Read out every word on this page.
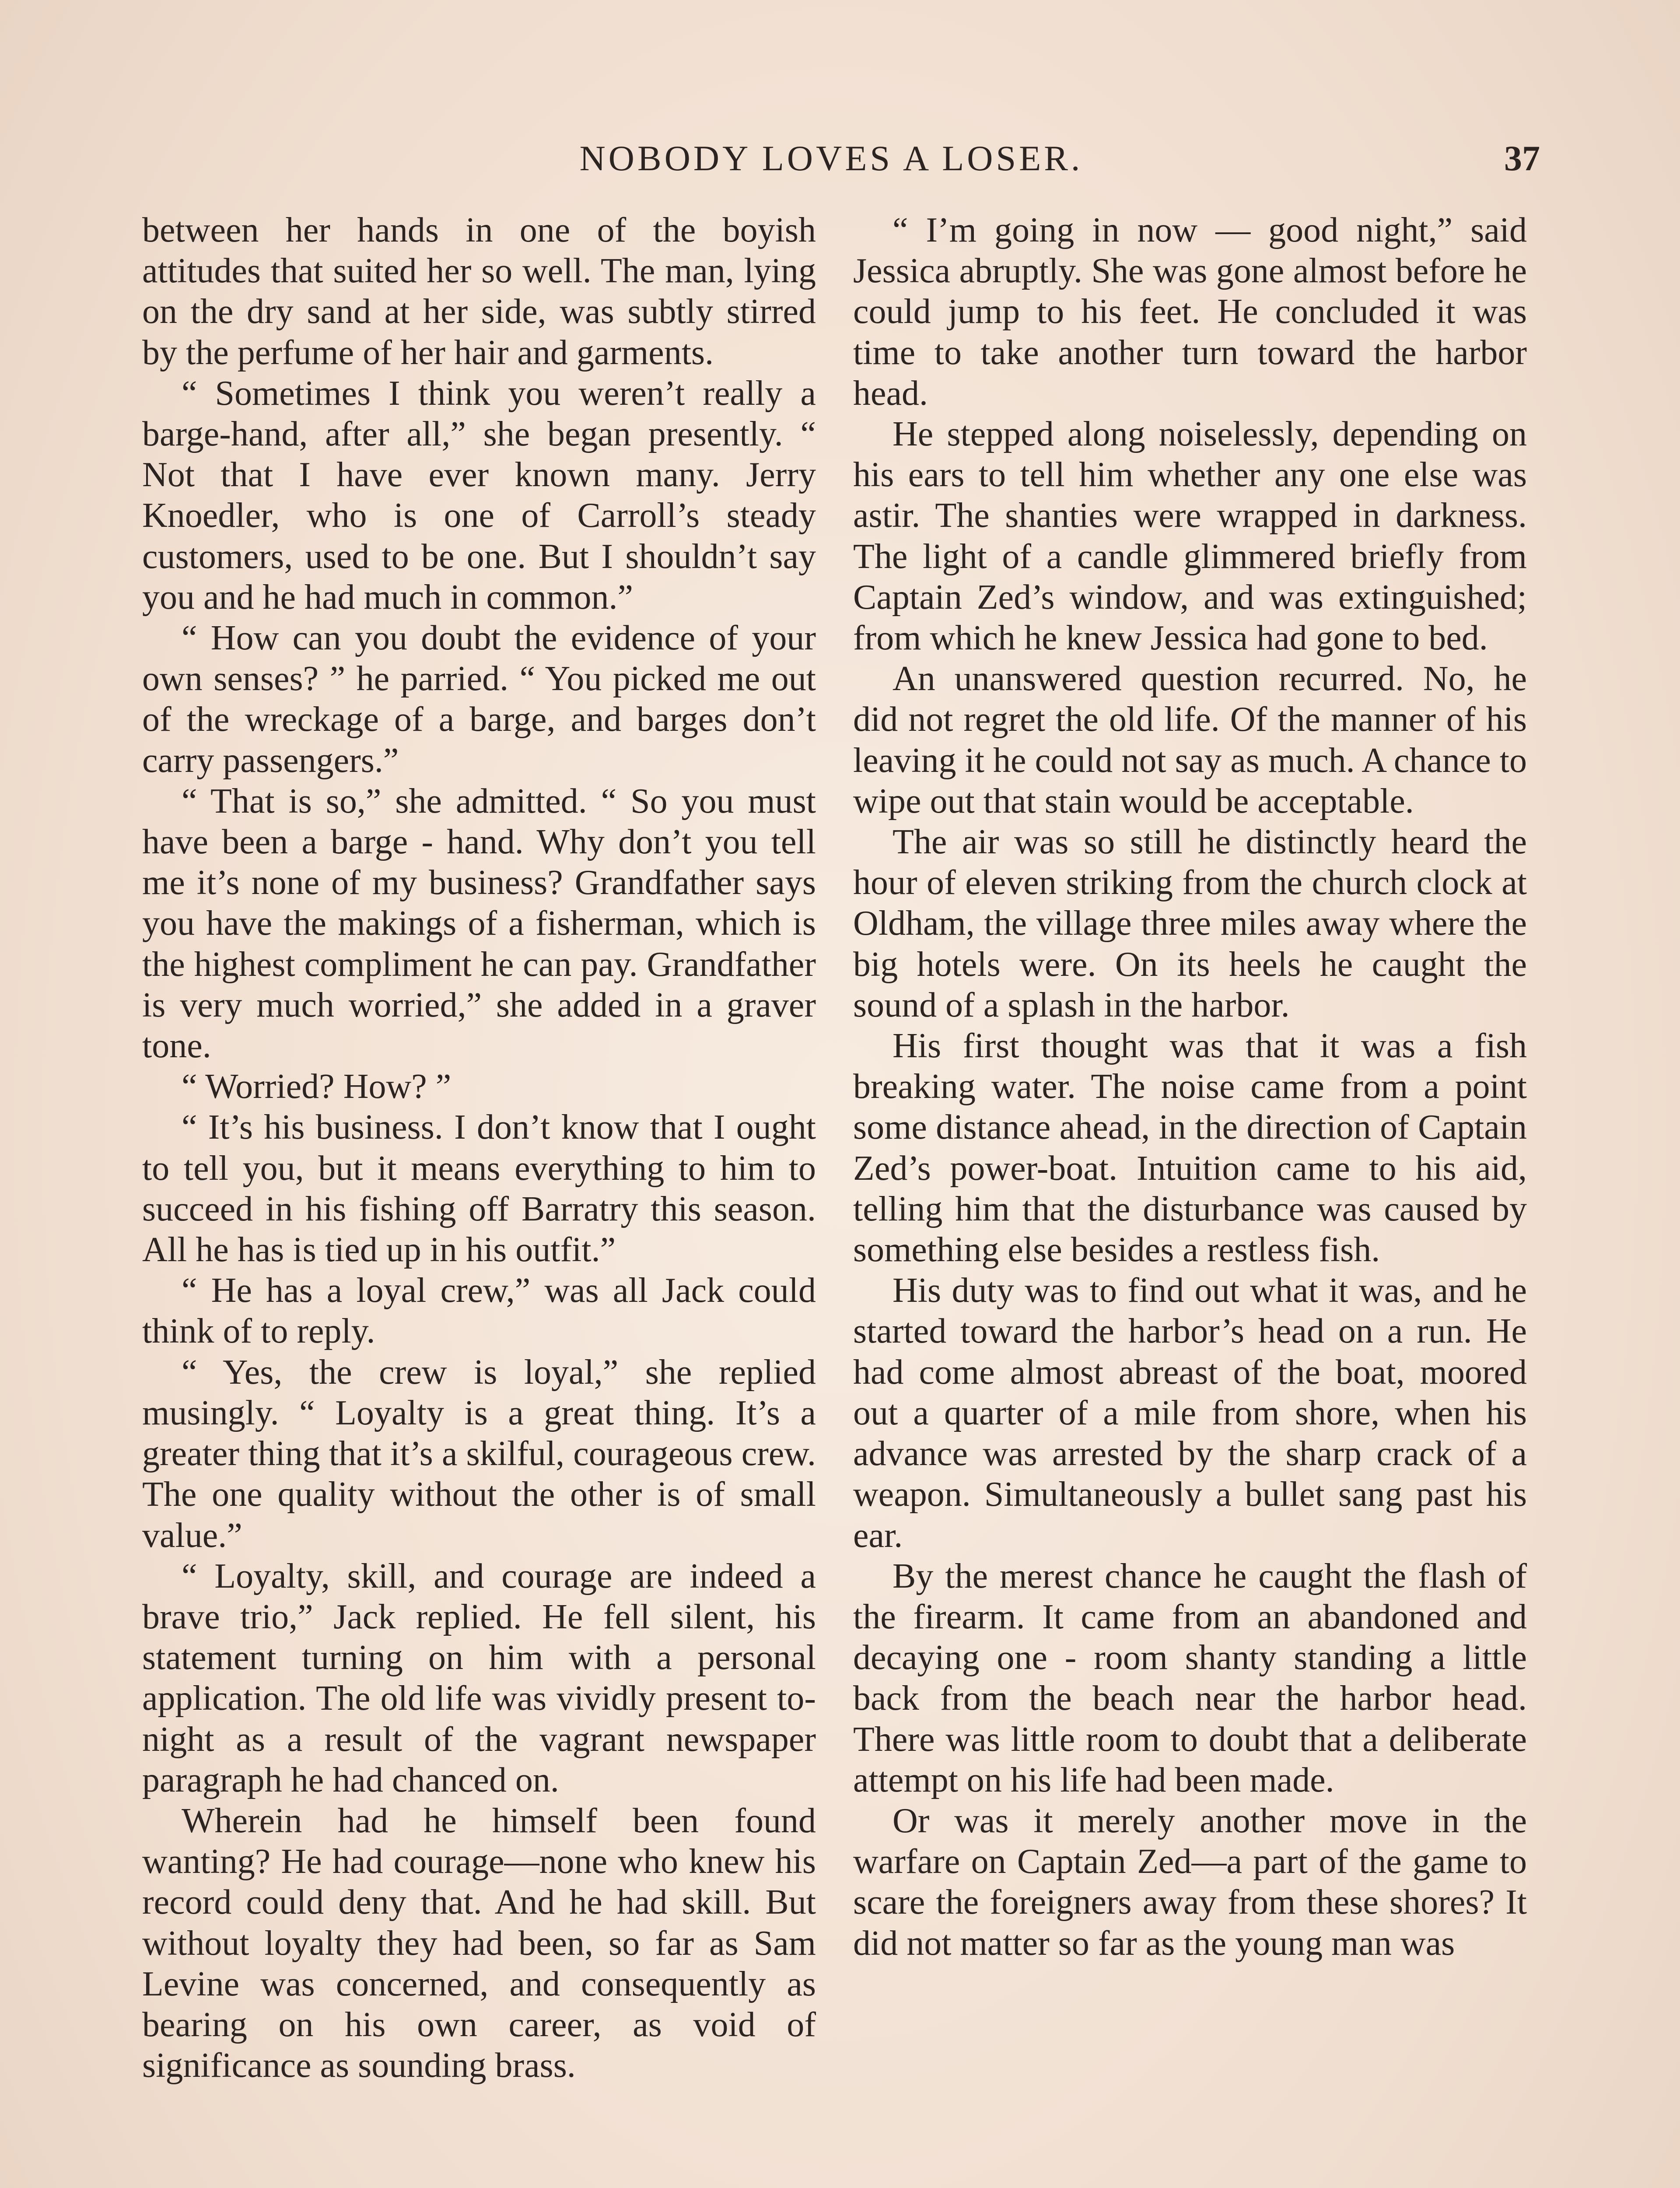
NOBODY LOVES A LOSER.	37

between her hands in one of the boyish attitudes that suited her so well. The man, lying on the dry sand at her side, was subtly stirred by the perfume of her hair and garments.

“ Sometimes I think you weren’t really a barge-hand, after all,” she began presently. “ Not that I have ever known many. Jerry Knoedler, who is one of Carroll’s steady customers, used to be one. But I shouldn’t say you and he had much in common.”

“ How can you doubt the evidence of your own senses? ” he parried. “ You picked me out of the wreckage of a barge, and barges don’t carry passengers.”

“ That is so,” she admitted. “ So you must have been a barge - hand. Why don’t you tell me it’s none of my business? Grandfather says you have the makings of a fisherman, which is the highest compliment he can pay. Grandfather is very much worried,” she added in a graver tone.

“ Worried? How? ”

“ It’s his business. I don’t know that I ought to tell you, but it means everything to him to succeed in his fishing off Barratry this season. All he has is tied up in his outfit.”

“ He has a loyal crew,” was all Jack could think of to reply.

“ Yes, the crew is loyal,” she replied musingly. “ Loyalty is a great thing. It’s a greater thing that it’s a skilful, courageous crew. The one quality without the other is of small value.”

“ Loyalty, skill, and courage are indeed a brave trio,” Jack replied. He fell silent, his statement turning on him with a personal application. The old life was vividly present to-night as a result of the vagrant newspaper paragraph he had chanced on.

Wherein had he himself been found wanting? He had courage—none who knew his record could deny that. And he had skill. But without loyalty they had been, so far as Sam Levine was concerned, and consequently as bearing on his own career, as void of significance as sounding brass.

“ I’m going in now — good night,” said Jessica abruptly. She was gone almost before he could jump to his feet. He concluded it was time to take another turn toward the harbor head.

He stepped along noiselessly, depending on his ears to tell him whether any one else was astir. The shanties were wrapped in darkness. The light of a candle glimmered briefly from Captain Zed’s window, and was extinguished; from which he knew Jessica had gone to bed.

An unanswered question recurred. No, he did not regret the old life. Of the manner of his leaving it he could not say as much. A chance to wipe out that stain would be acceptable.

The air was so still he distinctly heard the hour of eleven striking from the church clock at Oldham, the village three miles away where the big hotels were. On its heels he caught the sound of a splash in the harbor.

His first thought was that it was a fish breaking water. The noise came from a point some distance ahead, in the direction of Captain Zed’s power-boat. Intuition came to his aid, telling him that the disturbance was caused by something else besides a restless fish.

His duty was to find out what it was, and he started toward the harbor’s head on a run. He had come almost abreast of the boat, moored out a quarter of a mile from shore, when his advance was arrested by the sharp crack of a weapon. Simultaneously a bullet sang past his ear.

By the merest chance he caught the flash of the firearm. It came from an abandoned and decaying one - room shanty standing a little back from the beach near the harbor head. There was little room to doubt that a deliberate attempt on his life had been made.

Or was it merely another move in the warfare on Captain Zed—a part of the game to scare the foreigners away from these shores? It did not matter so far as the young man was
